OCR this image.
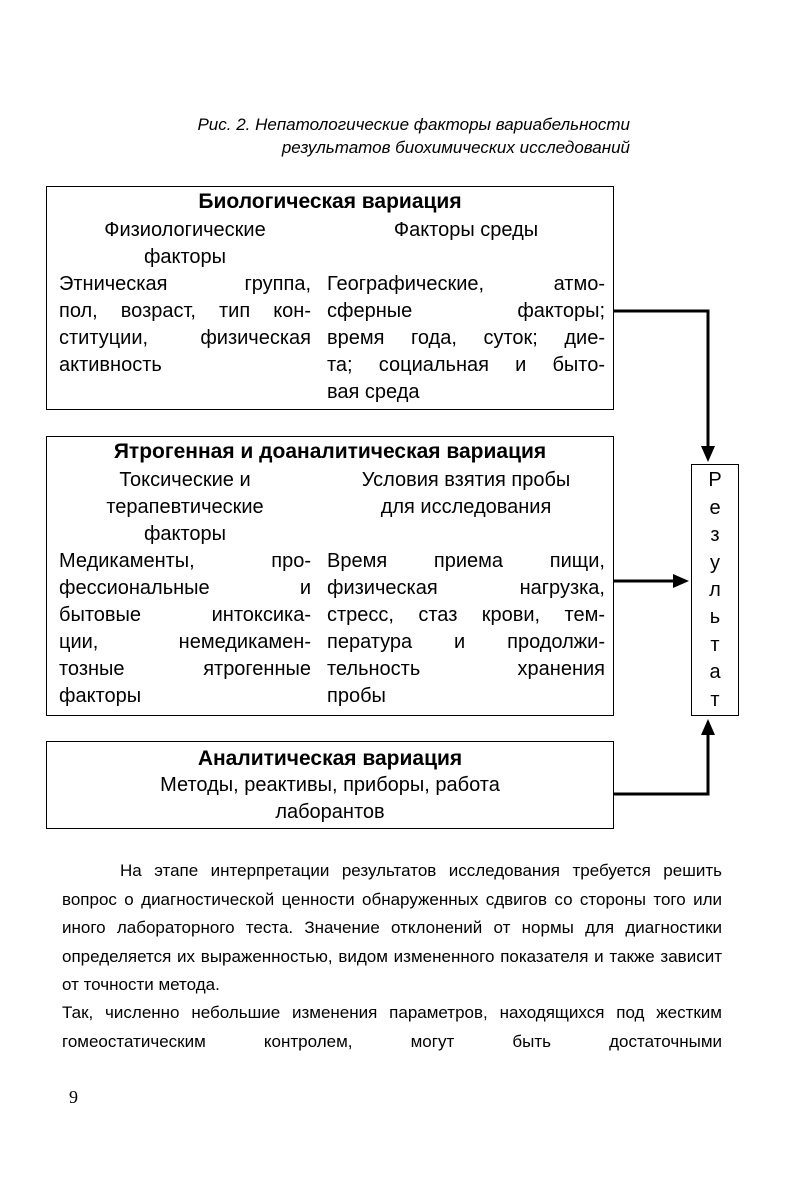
Рис. 2. Непатологические факторы вариабельности
результатов биохимических исследований
Биологическая вариация
Физиологические
факторы
Этническая группа,
пол, возраст, тип кон-
ституции, физическая
активность
Факторы среды
Географические, атмо-
сферные факторы;
время года, суток; дие-
та; социальная и быто-
вая среда
Ятрогенная и доаналитическая вариация
Токсические и
терапевтические
факторы
Медикаменты, про-
фессиональные и
бытовые интоксика-
ции, немедикамен-
тозные ятрогенные
факторы
Условия взятия пробы
для исследования
Время приема пищи,
физическая нагрузка,
стресс, стаз крови, тем-
пература и продолжи-
тельность хранения
пробы
Аналитическая вариация
Методы, реактивы, приборы, работа
лаборантов
Р
е
з
у
л
ь
т
а
т
На этапе интерпретации результатов исследования требуется решить вопрос о диагностической ценности обнаруженных сдвигов со стороны того или иного лабораторного теста. Значение отклонений от нормы для диагностики определяется их выраженностью, видом измененного показателя и также зависит от точности метода.
Так, численно небольшие изменения параметров, находящихся под жестким гомеостатическим контролем, могут быть достаточными
9
